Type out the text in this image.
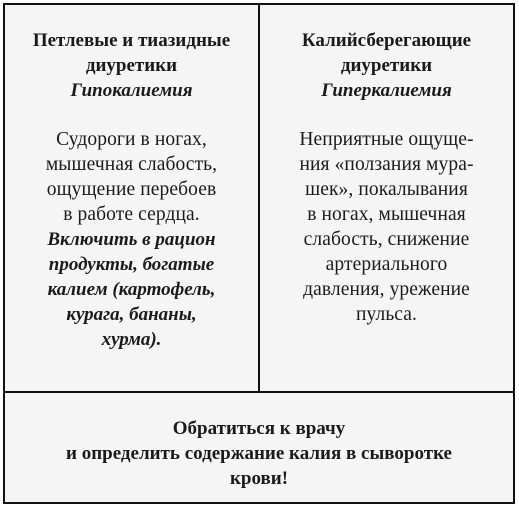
Петлевые и тиазидные
диуретики
Гипокалиемия
Судороги в ногах,
мышечная слабость,
ощущение перебоев
в работе сердца.
Включить в рацион
продукты, богатые
калием (картофель,
курага, бананы,
хурма).
Калийсберегающие
диуретики
Гиперкалиемия
Неприятные ощуще-
ния «ползания мура-
шек», покалывания
в ногах, мышечная
слабость, снижение
артериального
давления, урежение
пульса.
Обратиться к врачу
и определить содержание калия в сыворотке
крови!
